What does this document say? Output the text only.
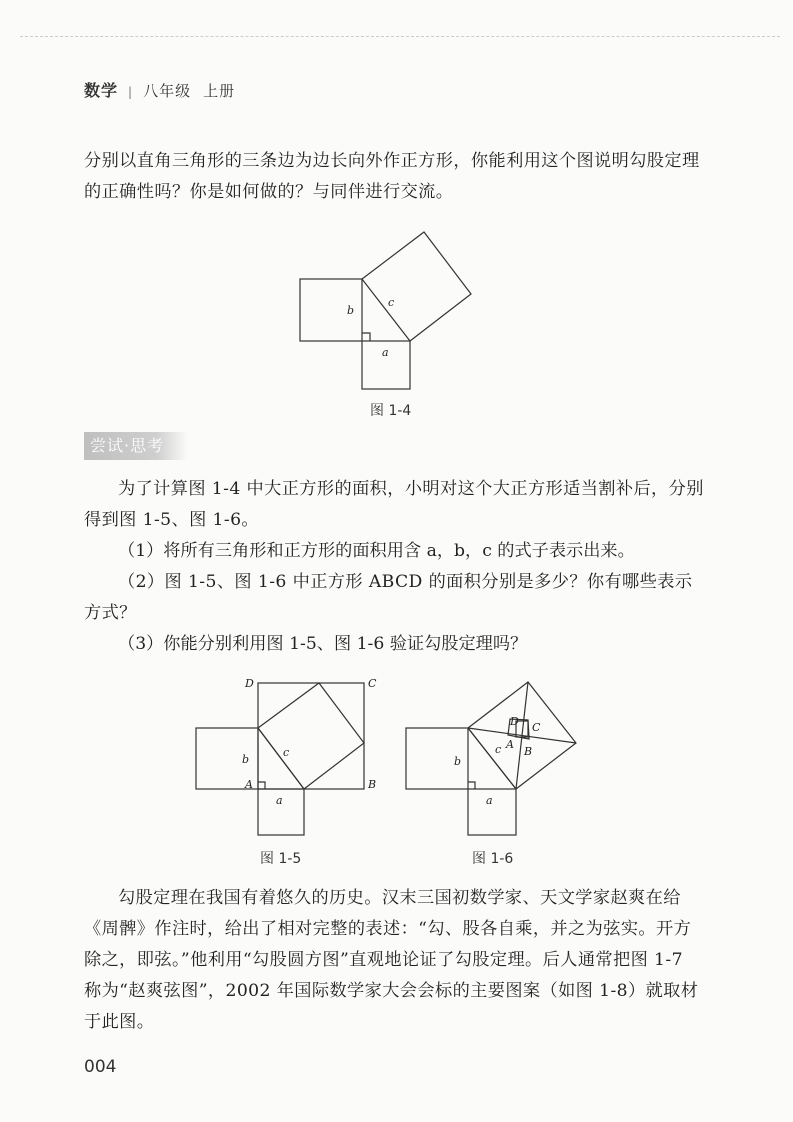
数学 | 八年级 上册

分别以直角三角形的三条边为边长向外作正方形，你能利用这个图说明勾股定理的正确性吗？你是如何做的？与同伴进行交流。

b
c
a
图 1-4
尝试·思考

为了计算图 1-4 中大正方形的面积，小明对这个大正方形适当割补后，分别得到图 1-5、图 1-6。

（1）将所有三角形和正方形的面积用含 a，b，c 的式子表示出来。

（2）图 1-5、图 1-6 中正方形 ABCD 的面积分别是多少？你有哪些表示方式？

（3）你能分别利用图 1-5、图 1-6 验证勾股定理吗？

D	C
b
c
A	B
a
图 1-5
D C
A
B
c
b
a
图 1-6

勾股定理在我国有着悠久的历史。汉末三国初数学家、天文学家赵爽在给《周髀》作注时，给出了相对完整的表述：“勾、股各自乘，并之为弦实。开方除之，即弦。”他利用“勾股圆方图”直观地论证了勾股定理。后人通常把图 1-7 称为“赵爽弦图”，2002 年国际数学家大会会标的主要图案（如图 1-8）就取材于此图。

004
